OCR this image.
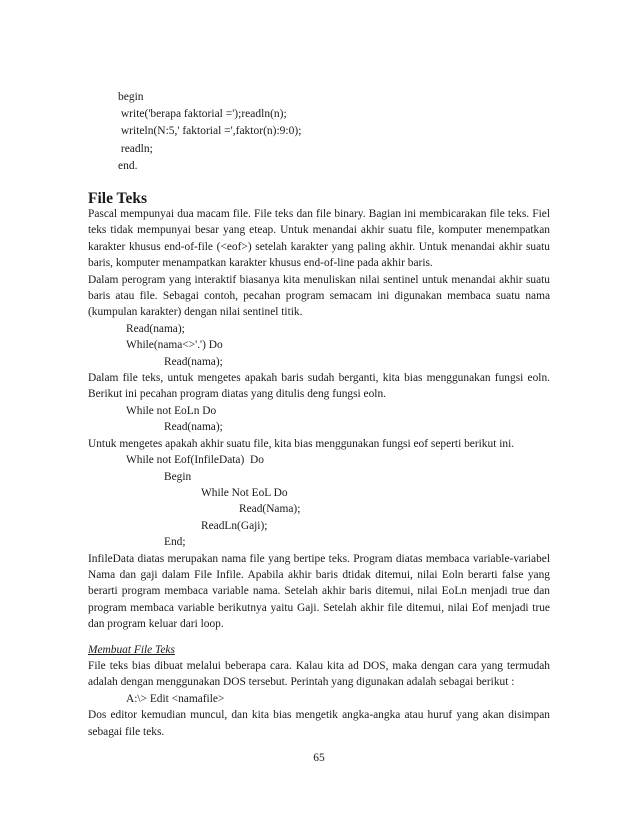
begin
write('berapa faktorial =');readln(n);
writeln(N:5,' faktorial =',faktor(n):9:0);
readln;
end.
File Teks

Pascal mempunyai dua macam file. File teks dan file binary. Bagian ini membicarakan file teks. Fiel teks tidak mempunyai besar yang eteap. Untuk menandai akhir suatu file, komputer menempatkan karakter khusus end-of-file (<eof>) setelah karakter yang paling akhir. Untuk menandai akhir suatu baris, komputer menampatkan karakter khusus end-of-line pada akhir baris.

Dalam perogram yang interaktif biasanya kita menuliskan nilai sentinel untuk menandai akhir suatu baris atau file. Sebagai contoh, pecahan program semacam ini digunakan membaca suatu nama (kumpulan karakter) dengan nilai sentinel titik.

Read(nama);

While(nama<>'.') Do

Read(nama);

Dalam file teks, untuk mengetes apakah baris sudah berganti, kita bias menggunakan fungsi eoln. Berikut ini pecahan program diatas yang ditulis deng fungsi eoln.

While not EoLn Do

Read(nama);

Untuk mengetes apakah akhir suatu file, kita bias menggunakan fungsi eof seperti berikut ini.

While not Eof(InfileData)  Do

Begin

While Not EoL Do

Read(Nama);

ReadLn(Gaji);

End;

InfileData diatas merupakan nama file yang bertipe teks. Program diatas membaca variable-variabel Nama dan gaji dalam File Infile. Apabila akhir baris dtidak ditemui, nilai Eoln berarti false yang berarti program membaca variable nama. Setelah akhir baris ditemui, nilai EoLn menjadi true dan program membaca variable berikutnya yaitu Gaji. Setelah akhir file ditemui, nilai Eof menjadi true dan program keluar dari loop.

Membuat File Teks

File teks bias dibuat melalui beberapa cara. Kalau kita ad DOS, maka dengan cara yang termudah adalah dengan menggunakan DOS tersebut. Perintah yang digunakan adalah sebagai berikut :

A:\> Edit <namafile>

Dos editor kemudian muncul, dan kita bias mengetik angka-angka atau huruf yang akan disimpan sebagai file teks.

65
